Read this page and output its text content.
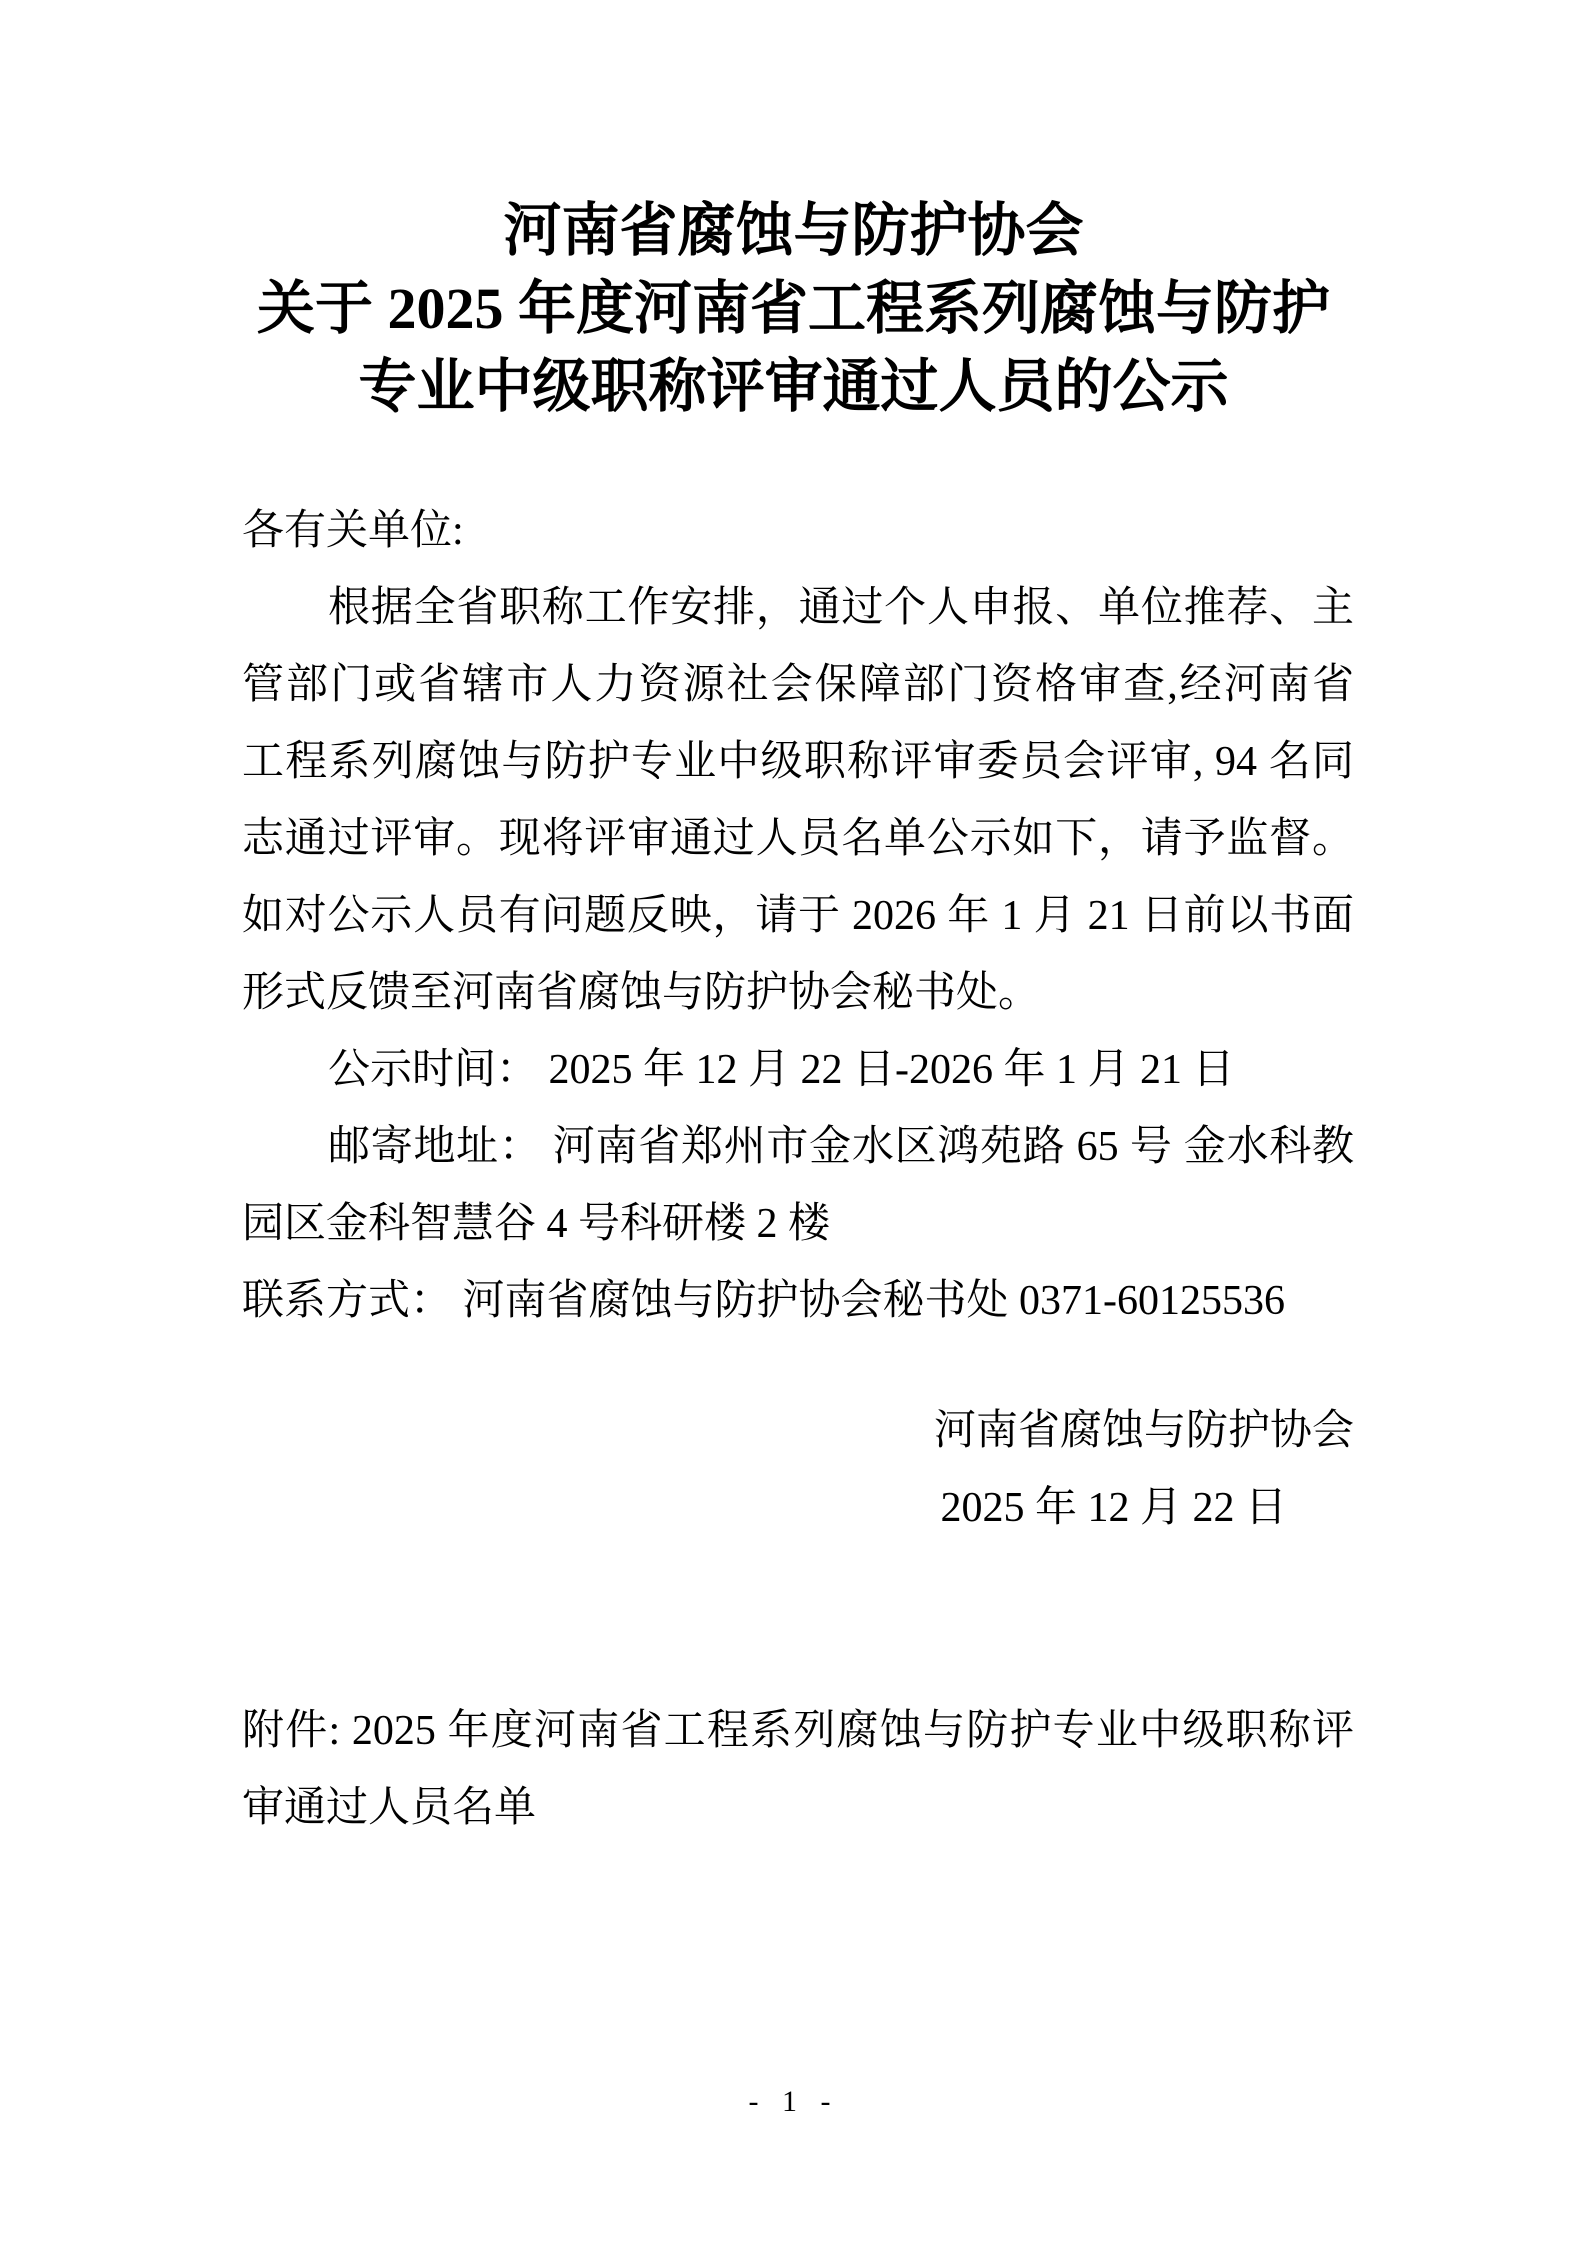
河南省腐蚀与防护协会
关于 2025 年度河南省工程系列腐蚀与防护
专业中级职称评审通过人员的公示
各有关单位:
根据全省职称工作安排，通过个人申报、单位推荐、主
管部门或省辖市人力资源社会保障部门资格审查,经河南省
工程系列腐蚀与防护专业中级职称评审委员会评审, 94 名同
志通过评审。现将评审通过人员名单公示如下，请予监督。
如对公示人员有问题反映，请于 2026 年 1 月 21 日前以书面
形式反馈至河南省腐蚀与防护协会秘书处。
公示时间： 2025 年 12 月 22 日-2026 年 1 月 21 日
邮寄地址： 河南省郑州市金水区鸿苑路 65 号 金水科教
园区金科智慧谷 4 号科研楼 2 楼
联系方式： 河南省腐蚀与防护协会秘书处 0371-60125536
河南省腐蚀与防护协会
2025 年 12 月 22 日
附件: 2025 年度河南省工程系列腐蚀与防护专业中级职称评
审通过人员名单
- 1 -
